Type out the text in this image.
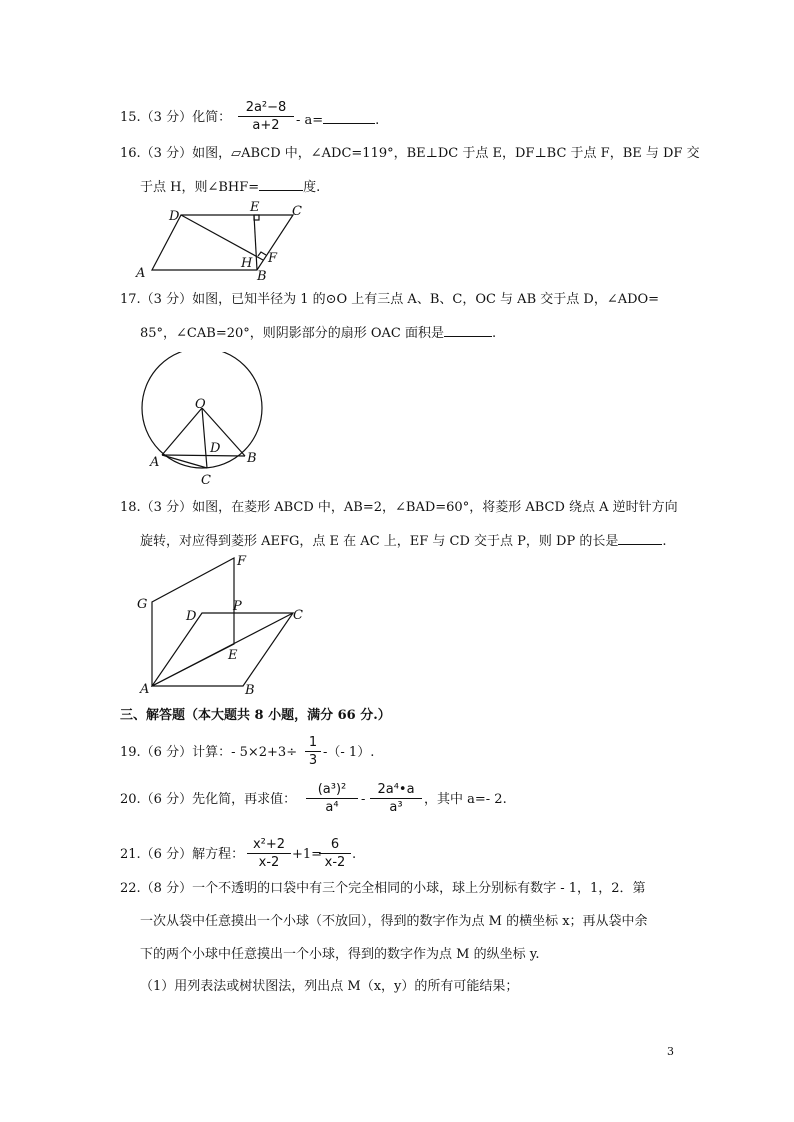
15.（3 分）化简： $\frac{\text{2a²−8}}{a+2} - a=$	.
16.（3 分）如图，▱ABCD 中，∠ADC=119°，BE⊥DC 于点 E，DF⊥BC 于点 F，BE 与 DF 交
于点 H，则∠BHF=	度.
A	B
C
D
E
F
H
17.（3 分）如图，已知半径为 1 的⊙O 上有三点 A、B、C，OC 与 AB 交于点 D，∠ADO=
85°，∠CAB=20°，则阴影部分的扇形 OAC 面积是	.
O
A	B
C
D
18.（3 分）如图，在菱形 ABCD 中，AB=2，∠BAD=60°，将菱形 ABCD 绕点 A 逆时针方向
旋转，对应得到菱形 AEFG，点 E 在 AC 上，EF 与 CD 交于点 P，则 DP 的长是	.
A	B
C
D
E
F
G	P
三、解答题（本大题共 8 小题，满分 66 分.）
19.（6 分）计算：- $5\times 2+3\div \frac{1}{3}$ -（- 1）.
20.（6 分）先化简，再求值： $\frac{\text{(a³)²}}{\text{a⁴}} - \frac{\text{2a⁴•a}}{\text{a³}}$ ，其中 a=- 2.
21.（6 分）解方程： $\frac{\text{x²+2}}{x-2} +1=$
$\frac{6}{x-2}$ .
22.（8 分）一个不透明的口袋中有三个完全相同的小球，球上分别标有数字 - 1，1，2．第
一次从袋中任意摸出一个小球（不放回），得到的数字作为点 M 的横坐标 x；再从袋中余
下的两个小球中任意摸出一个小球，得到的数字作为点 M 的纵坐标 y.
（1）用列表法或树状图法，列出点 M（x，y）的所有可能结果；
3
